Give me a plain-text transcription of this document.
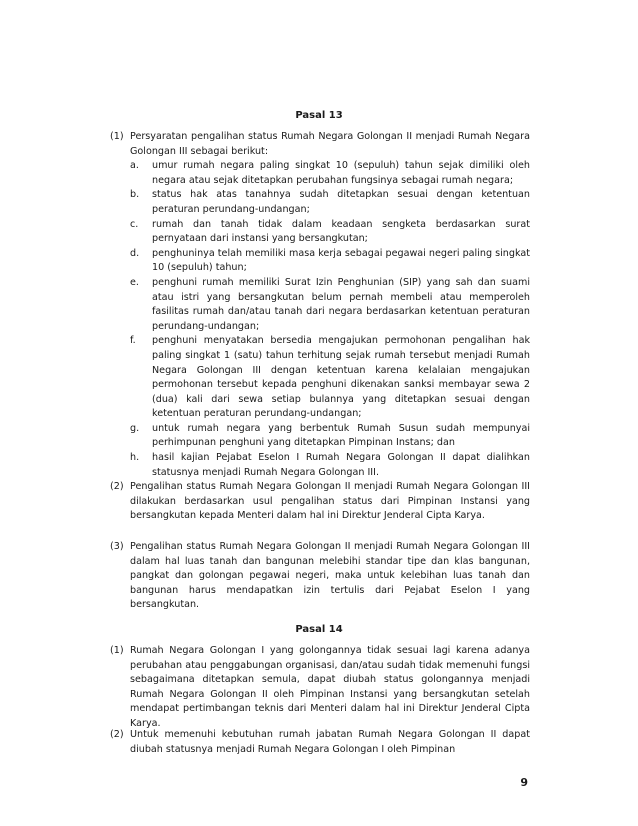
Pasal 13
(1) Persyaratan pengalihan status Rumah Negara Golongan II menjadi Rumah Negara Golongan III sebagai berikut:
a. umur rumah negara paling singkat 10 (sepuluh) tahun sejak dimiliki oleh negara atau sejak ditetapkan perubahan fungsinya sebagai rumah negara;
b. status hak atas tanahnya sudah ditetapkan sesuai dengan ketentuan peraturan perundang-undangan;
c. rumah dan tanah tidak dalam keadaan sengketa berdasarkan surat pernyataan dari instansi yang bersangkutan;
d. penghuninya telah memiliki masa kerja sebagai pegawai negeri paling singkat 10 (sepuluh) tahun;
e. penghuni rumah memiliki Surat Izin Penghunian (SIP) yang sah dan suami atau istri yang bersangkutan belum pernah membeli atau memperoleh fasilitas rumah dan/atau tanah dari negara berdasarkan ketentuan peraturan perundang-undangan;
f. penghuni menyatakan bersedia mengajukan permohonan pengalihan hak paling singkat 1 (satu) tahun terhitung sejak rumah tersebut menjadi Rumah Negara Golongan III dengan ketentuan karena kelalaian mengajukan permohonan tersebut kepada penghuni dikenakan sanksi membayar sewa 2 (dua) kali dari sewa setiap bulannya yang ditetapkan sesuai dengan ketentuan peraturan perundang-undangan;
g. untuk rumah negara yang berbentuk Rumah Susun sudah mempunyai perhimpunan penghuni yang ditetapkan Pimpinan Instans; dan
h. hasil kajian Pejabat Eselon I Rumah Negara Golongan II dapat dialihkan statusnya menjadi Rumah Negara Golongan III.
(2) Pengalihan status Rumah Negara Golongan II menjadi Rumah Negara Golongan III dilakukan berdasarkan usul pengalihan status dari Pimpinan Instansi yang bersangkutan kepada Menteri dalam hal ini Direktur Jenderal Cipta Karya.
(3) Pengalihan status Rumah Negara Golongan II menjadi Rumah Negara Golongan III dalam hal luas tanah dan bangunan melebihi standar tipe dan klas bangunan, pangkat dan golongan pegawai negeri, maka untuk kelebihan luas tanah dan bangunan harus mendapatkan izin tertulis dari Pejabat Eselon I yang bersangkutan.
Pasal 14
(1) Rumah Negara Golongan I yang golongannya tidak sesuai lagi karena adanya perubahan atau penggabungan organisasi, dan/atau sudah tidak memenuhi fungsi sebagaimana ditetapkan semula, dapat diubah status golongannya menjadi Rumah Negara Golongan II oleh Pimpinan Instansi yang bersangkutan setelah mendapat pertimbangan teknis dari Menteri dalam hal ini Direktur Jenderal Cipta Karya.
(2) Untuk memenuhi kebutuhan rumah jabatan Rumah Negara Golongan II dapat diubah statusnya menjadi Rumah Negara Golongan I oleh Pimpinan
9
